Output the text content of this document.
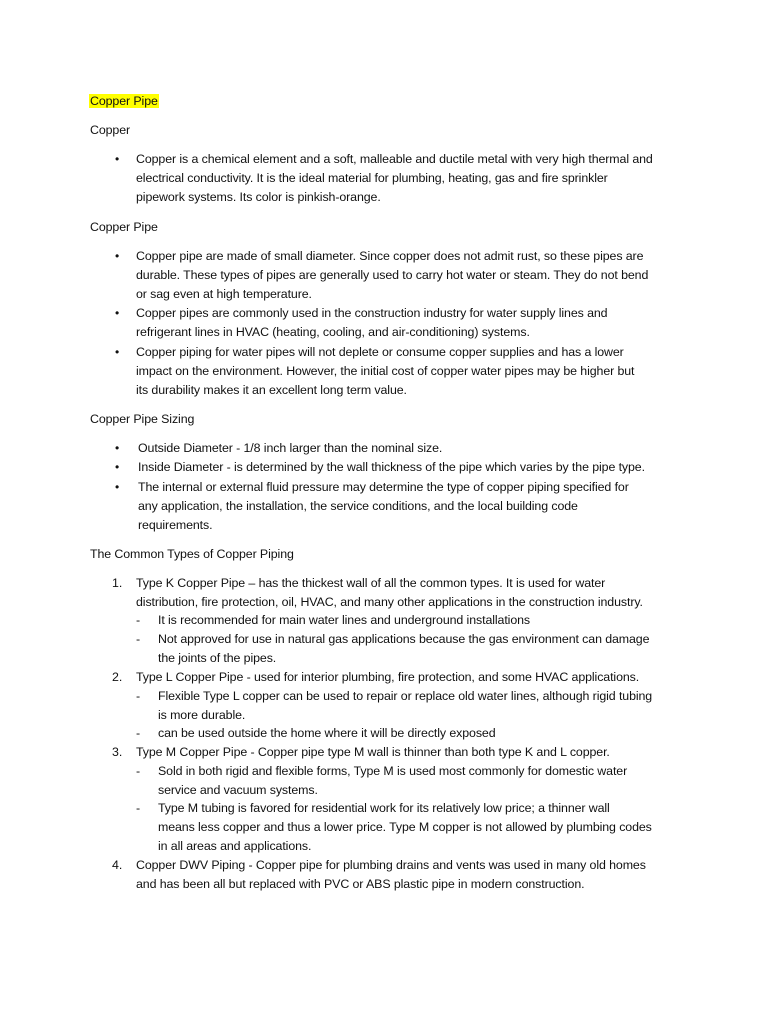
Copper Pipe
Copper
• Copper is a chemical element and a soft, malleable and ductile metal with very high thermal and
electrical conductivity. It is the ideal material for plumbing, heating, gas and fire sprinkler
pipework systems. Its color is pinkish-orange.
Copper Pipe
• Copper pipe are made of small diameter. Since copper does not admit rust, so these pipes are
durable. These types of pipes are generally used to carry hot water or steam. They do not bend
or sag even at high temperature.
• Copper pipes are commonly used in the construction industry for water supply lines and
refrigerant lines in HVAC (heating, cooling, and air-conditioning) systems.
• Copper piping for water pipes will not deplete or consume copper supplies and has a lower
impact on the environment. However, the initial cost of copper water pipes may be higher but
its durability makes it an excellent long term value.
Copper Pipe Sizing
• Outside Diameter - 1/8 inch larger than the nominal size.
• Inside Diameter - is determined by the wall thickness of the pipe which varies by the pipe type.
• The internal or external fluid pressure may determine the type of copper piping specified for
any application, the installation, the service conditions, and the local building code
requirements.
The Common Types of Copper Piping
1. Type K Copper Pipe – has the thickest wall of all the common types. It is used for water
distribution, fire protection, oil, HVAC, and many other applications in the construction industry.
- It is recommended for main water lines and underground installations
- Not approved for use in natural gas applications because the gas environment can damage
the joints of the pipes.
2. Type L Copper Pipe - used for interior plumbing, fire protection, and some HVAC applications.
- Flexible Type L copper can be used to repair or replace old water lines, although rigid tubing
is more durable.
- can be used outside the home where it will be directly exposed
3. Type M Copper Pipe - Copper pipe type M wall is thinner than both type K and L copper.
- Sold in both rigid and flexible forms, Type M is used most commonly for domestic water
service and vacuum systems.
- Type M tubing is favored for residential work for its relatively low price; a thinner wall
means less copper and thus a lower price. Type M copper is not allowed by plumbing codes
in all areas and applications.
4. Copper DWV Piping - Copper pipe for plumbing drains and vents was used in many old homes
and has been all but replaced with PVC or ABS plastic pipe in modern construction.
